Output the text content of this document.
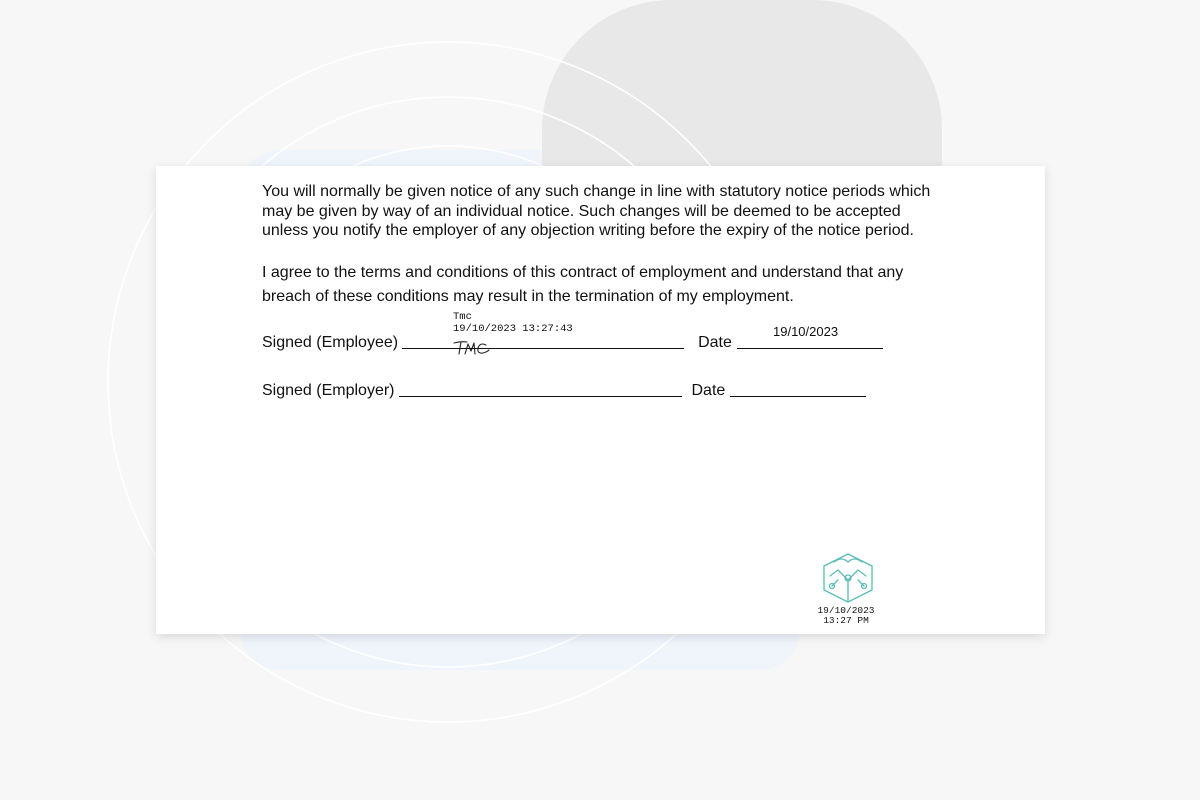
You will normally be given notice of any such change in line with statutory notice periods which
may be given by way of an individual notice. Such changes will be deemed to be accepted
unless you notify the employer of any objection writing before the expiry of the notice period.

I agree to the terms and conditions of this contract of employment and understand that any
breach of these conditions may result in the termination of my employment.

Tmc
19/10/2023 13:27:43	19/10/2023
Signed (Employee)	Date
Signed (Employer)	Date
19/10/2023
13:27 PM
